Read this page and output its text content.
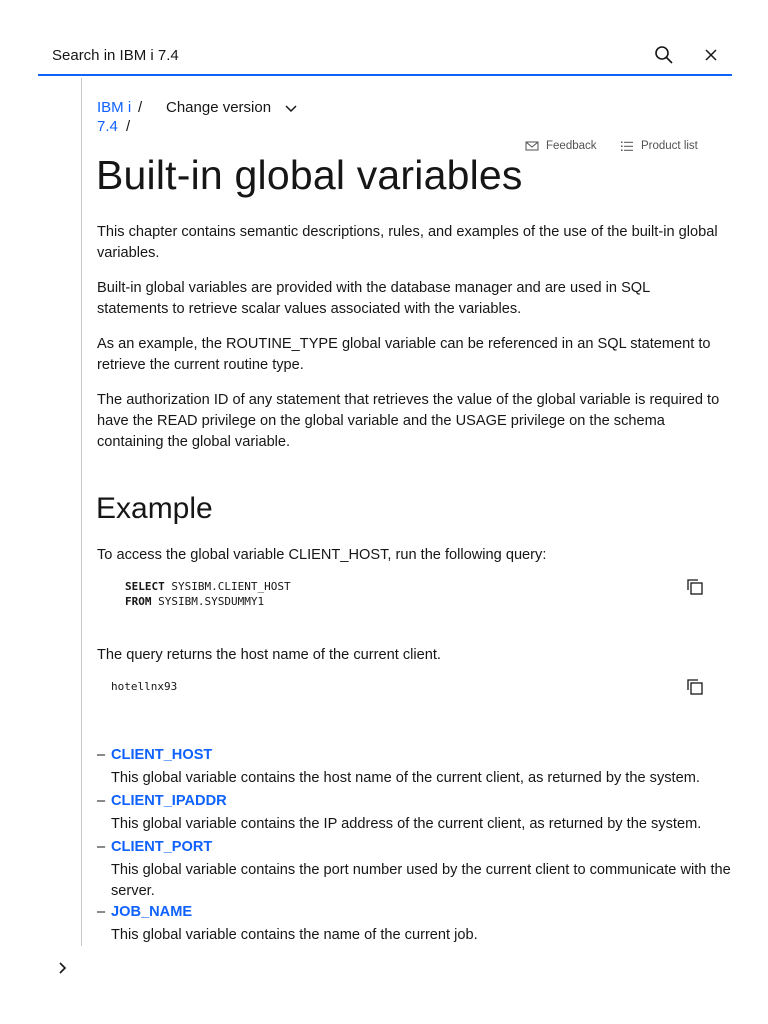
Search in IBM i 7.4
IBM i /
7.4 /
Change version
Feedback	Product list
Built-in global variables

This chapter contains semantic descriptions, rules, and examples of the use of the built-in global variables.

Built-in global variables are provided with the database manager and are used in SQL statements to retrieve scalar values associated with the variables.

As an example, the ROUTINE_TYPE global variable can be referenced in an SQL statement to retrieve the current routine type.

The authorization ID of any statement that retrieves the value of the global variable is required to have the READ privilege on the global variable and the USAGE privilege on the schema containing the global variable.

Example

To access the global variable CLIENT_HOST, run the following query:

SELECT SYSIBM.CLIENT_HOST
FROM SYSIBM.SYSDUMMY1

The query returns the host name of the current client.

hotellnx93
– CLIENT_HOST
This global variable contains the host name of the current client, as returned by the system.
– CLIENT_IPADDR
This global variable contains the IP address of the current client, as returned by the system.
– CLIENT_PORT
This global variable contains the port number used by the current client to communicate with the server.
– JOB_NAME
This global variable contains the name of the current job.
